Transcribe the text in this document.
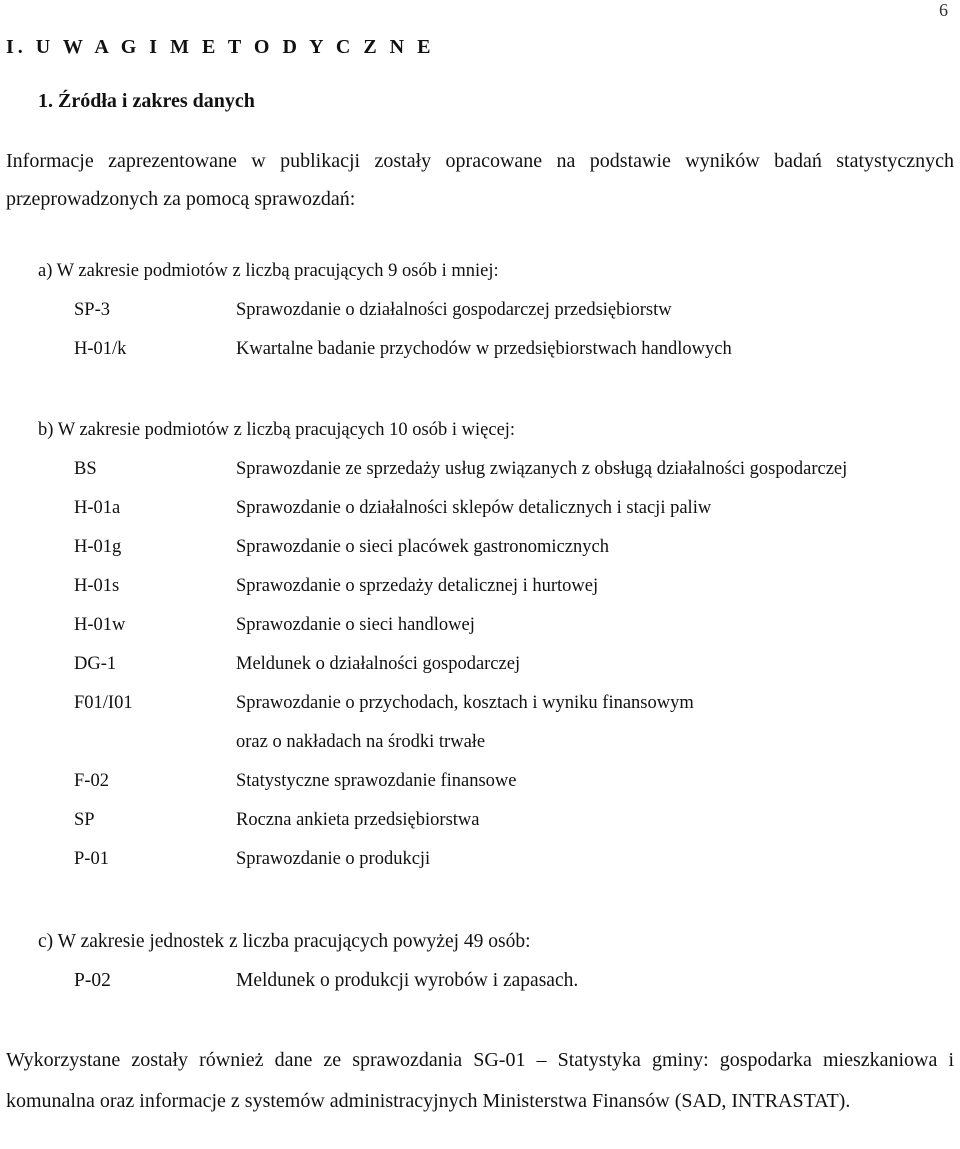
6
I. U W A G I M E T O D Y C Z N E
1. Źródła i zakres danych
Informacje zaprezentowane w publikacji zostały opracowane na podstawie wyników badań statystycznych przeprowadzonych za pomocą sprawozdań:
a) W zakresie podmiotów z liczbą pracujących 9 osób i mniej:
SP-3	Sprawozdanie o działalności gospodarczej przedsiębiorstw
H-01/k	Kwartalne badanie przychodów w przedsiębiorstwach handlowych
b) W zakresie podmiotów z liczbą pracujących 10 osób i więcej:
BS	Sprawozdanie ze sprzedaży usług związanych z obsługą działalności gospodarczej
H-01a	Sprawozdanie o działalności sklepów detalicznych i stacji paliw
H-01g	Sprawozdanie o sieci placówek gastronomicznych
H-01s	Sprawozdanie o sprzedaży detalicznej i hurtowej
H-01w	Sprawozdanie o sieci handlowej
DG-1	Meldunek o działalności gospodarczej
F01/I01	Sprawozdanie o przychodach, kosztach i wyniku finansowym
oraz o nakładach na środki trwałe
F-02	Statystyczne sprawozdanie finansowe
SP	Roczna ankieta przedsiębiorstwa
P-01	Sprawozdanie o produkcji
c) W zakresie jednostek z liczba pracujących powyżej 49 osób:
P-02	Meldunek o produkcji wyrobów i zapasach.
Wykorzystane zostały również dane ze sprawozdania SG-01 – Statystyka gminy: gospodarka mieszkaniowa i komunalna oraz informacje z systemów administracyjnych Ministerstwa Finansów (SAD, INTRASTAT).
